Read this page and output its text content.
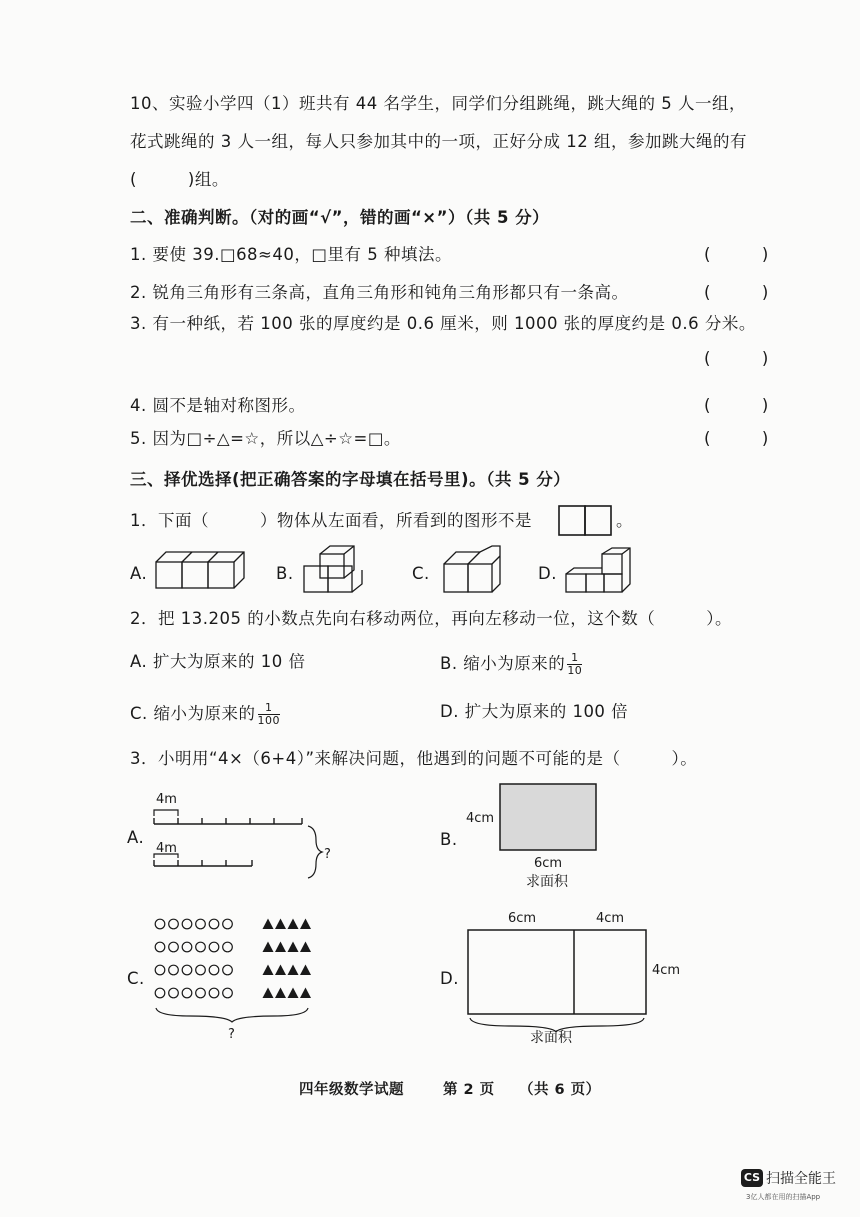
10、实验小学四（1）班共有 44 名学生，同学们分组跳绳，跳大绳的 5 人一组，
花式跳绳的 3 人一组，每人只参加其中的一项，正好分成 12 组，参加跳大绳的有
(　　　)组。
二、准确判断。（对的画“√”，错的画“×”）（共 5 分）
1. 要使 39.□68≈40，□里有 5 种填法。	(　　　)
2. 锐角三角形有三条高，直角三角形和钝角三角形都只有一条高。	(　　　)
3. 有一种纸，若 100 张的厚度约是 0.6 厘米，则 1000 张的厚度约是 0.6 分米。
(　　　)
4. 圆不是轴对称图形。	(　　　)
5. 因为□÷△=☆，所以△÷☆=□。	(　　　)
三、择优选择(把正确答案的字母填在括号里)。（共 5 分）
1．下面（　　　）物体从左面看，所看到的图形不是	。
A.	B.	C.	D.
2．把 13.205 的小数点先向右移动两位，再向左移动一位，这个数（　　　）。
A. 扩大为原来的 10 倍	B. 缩小为原来的 $\frac{1}{10}$
C. 缩小为原来的 $\frac{1}{100}$	D. 扩大为原来的 100 倍
3．小明用“4×（6+4）”来解决问题，他遇到的问题不可能的是（　　　）。
A.
4m
4m	?
B.
4cm
6cm
求面积
C.
?
D.
6cm	4cm
4cm
求面积
四年级数学试题	第 2 页 （共 6 页）
CS 扫描全能王
3亿人都在用的扫描App
